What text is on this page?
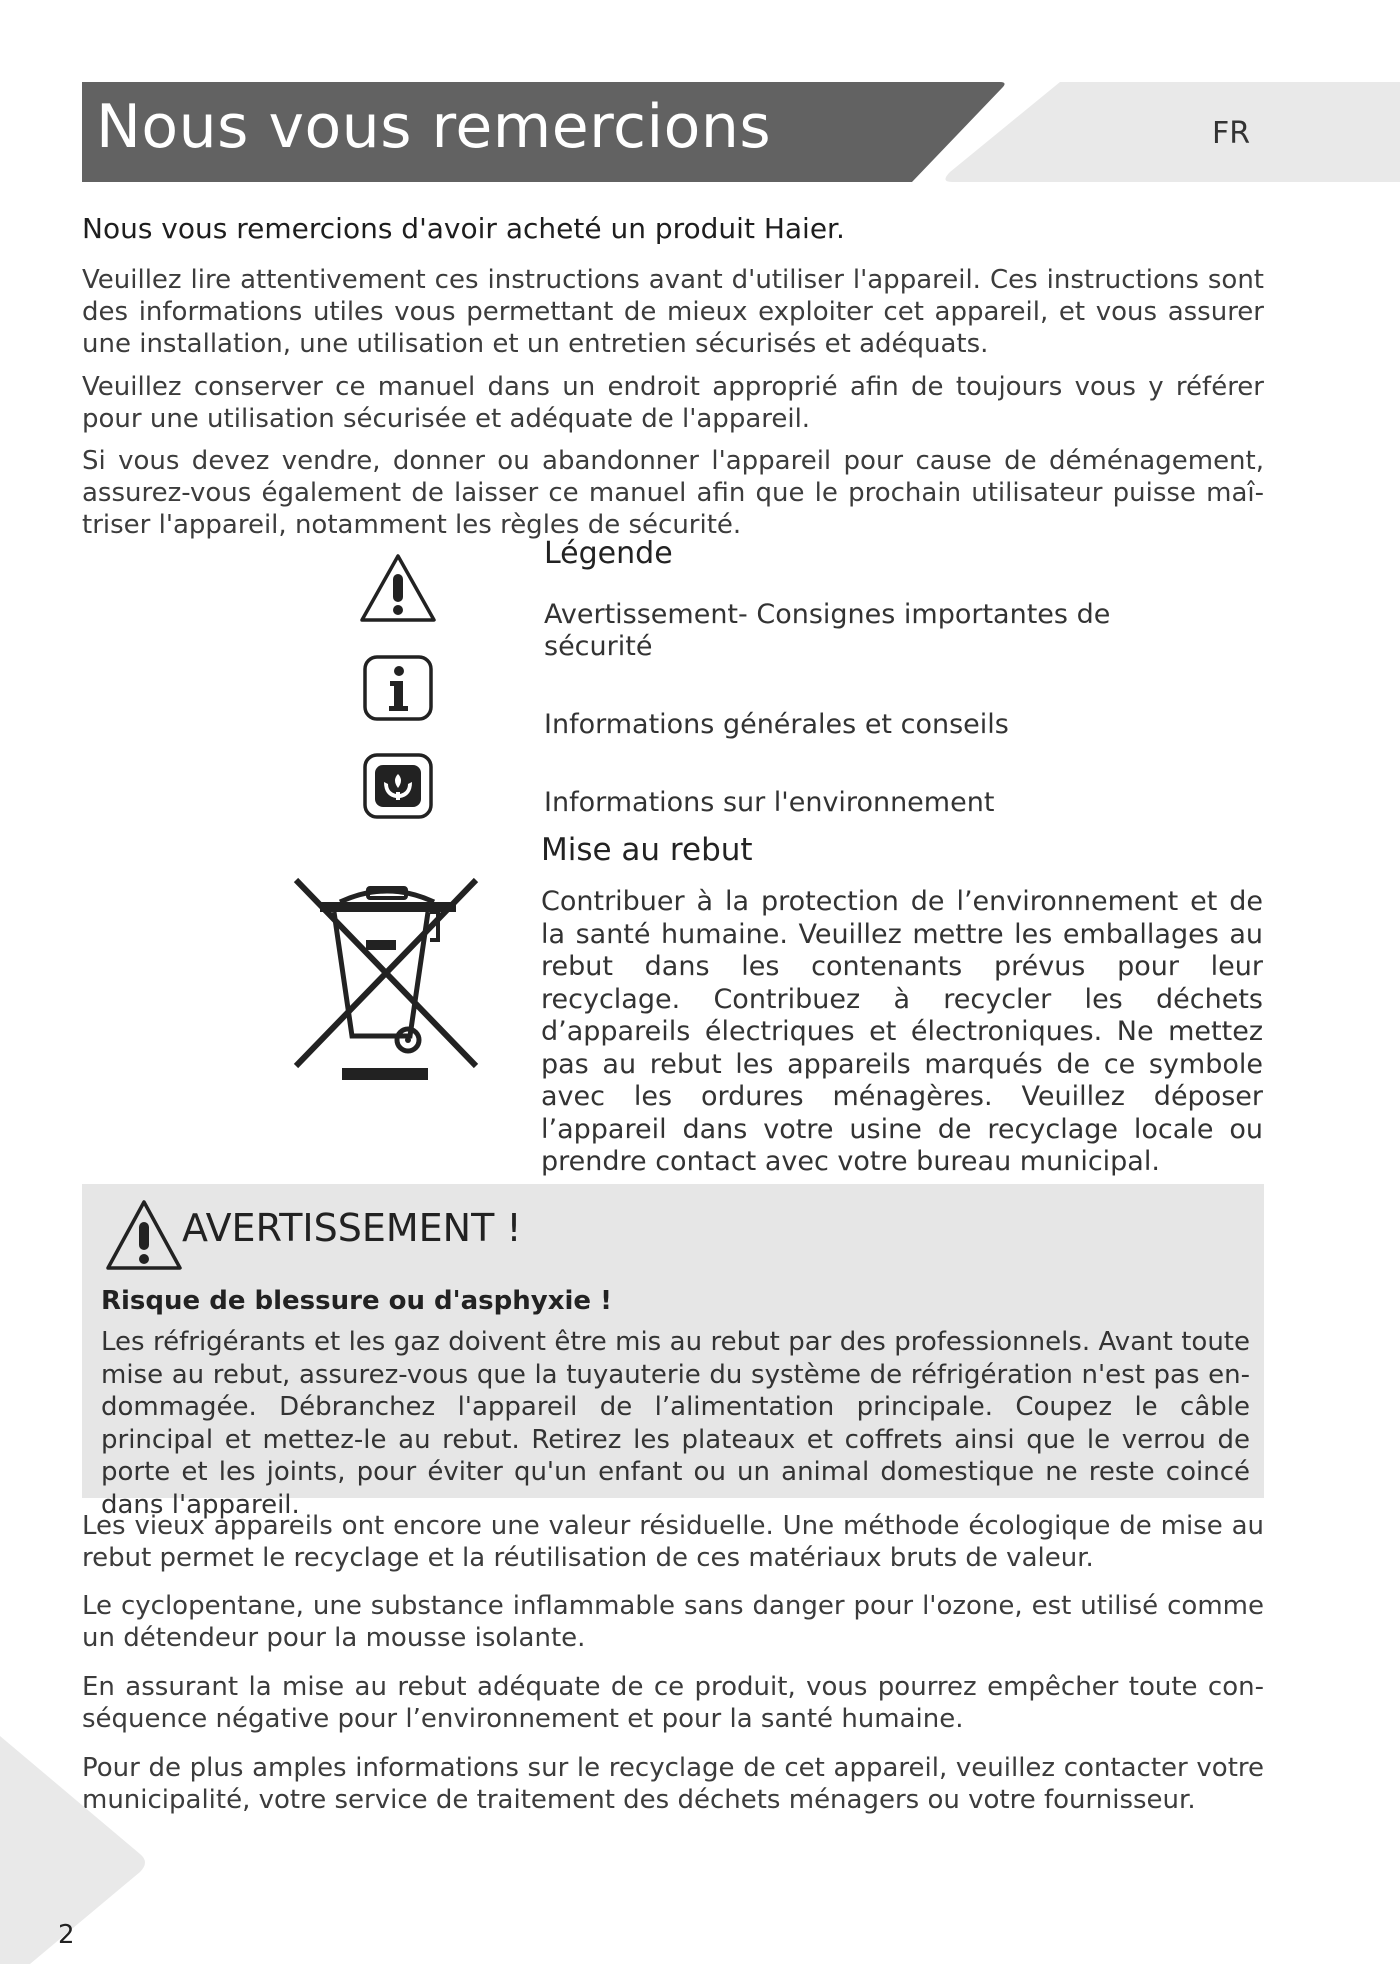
Nous vous remercions	FR
Nous vous remercions d'avoir acheté un produit Haier.

Veuillez lire attentivement ces instructions avant d'utiliser l'appareil. Ces instructions sont des informations utiles vous permettant de mieux exploiter cet appareil, et vous assurer une installation, une utilisation et un entretien sécurisés et adéquats.

Veuillez conserver ce manuel dans un endroit approprié afin de toujours vous y référer pour une utilisation sécurisée et adéquate de l'appareil.

Si vous devez vendre, donner ou abandonner l'appareil pour cause de déménagement, assurez-vous également de laisser ce manuel afin que le prochain utilisateur puisse maîtriser l'appareil, notamment les règles de sécurité.

Légende
Avertissement- Consignes importantes de
sécurité
Informations générales et conseils
Informations sur l'environnement
Mise au rebut

Contribuer à la protection de l’environnement et de la santé humaine. Veuillez mettre les emballages au rebut dans les contenants prévus pour leur recyclage. Contribuez à recycler les déchets d’appareils électriques et électroniques. Ne mettez pas au rebut les appareils marqués de ce symbole avec les ordures ménagères. Veuillez déposer l’appareil dans votre usine de recyclage locale ou prendre contact avec votre bureau municipal.

AVERTISSEMENT !
Risque de blessure ou d'asphyxie !

Les réfrigérants et les gaz doivent être mis au rebut par des professionnels. Avant toute mise au rebut, assurez-vous que la tuyauterie du système de réfrigération n'est pas endommagée. Débranchez l'appareil de l’alimentation principale. Coupez le câble principal et mettez-le au rebut. Retirez les plateaux et coffrets ainsi que le verrou de porte et les joints, pour éviter qu'un enfant ou un animal domestique ne reste coincé dans l'appareil.

Les vieux appareils ont encore une valeur résiduelle. Une méthode écologique de mise au rebut permet le recyclage et la réutilisation de ces matériaux bruts de valeur.

Le cyclopentane, une substance inflammable sans danger pour l'ozone, est utilisé comme un détendeur pour la mousse isolante.

En assurant la mise au rebut adéquate de ce produit, vous pourrez empêcher toute conséquence négative pour l’environnement et pour la santé humaine.

Pour de plus amples informations sur le recyclage de cet appareil, veuillez contacter votre municipalité, votre service de traitement des déchets ménagers ou votre fournisseur.

2
